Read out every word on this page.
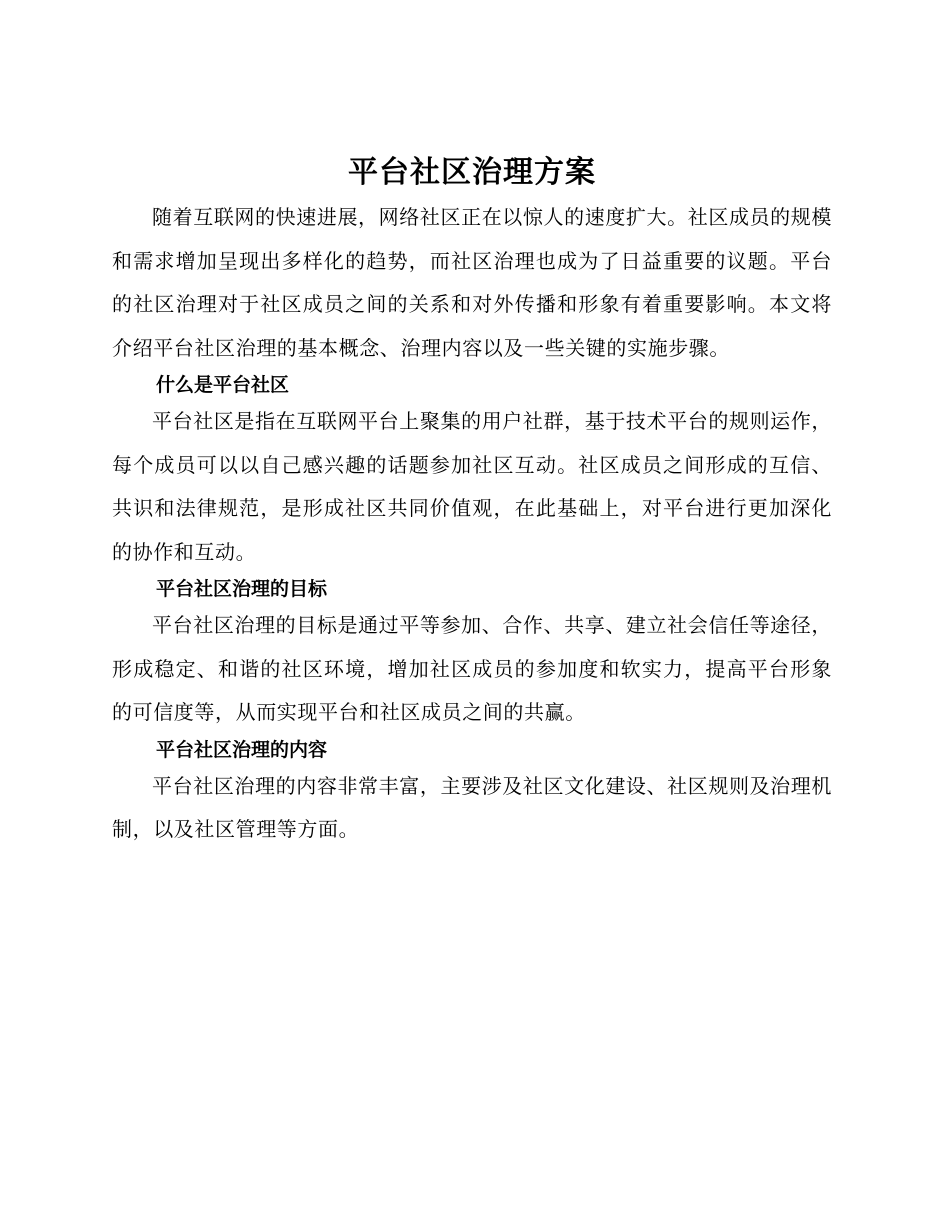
平台社区治理方案

随着互联网的快速进展，网络社区正在以惊人的速度扩大。社区成员的规模和需求增加呈现出多样化的趋势，而社区治理也成为了日益重要的议题。平台的社区治理对于社区成员之间的关系和对外传播和形象有着重要影响。本文将介绍平台社区治理的基本概念、治理内容以及一些关键的实施步骤。

什么是平台社区

平台社区是指在互联网平台上聚集的用户社群，基于技术平台的规则运作，每个成员可以以自己感兴趣的话题参加社区互动。社区成员之间形成的互信、共识和法律规范，是形成社区共同价值观，在此基础上，对平台进行更加深化的协作和互动。

平台社区治理的目标

平台社区治理的目标是通过平等参加、合作、共享、建立社会信任等途径，形成稳定、和谐的社区环境，增加社区成员的参加度和软实力，提高平台形象的可信度等，从而实现平台和社区成员之间的共赢。

平台社区治理的内容

平台社区治理的内容非常丰富，主要涉及社区文化建设、社区规则及治理机制，以及社区管理等方面。
